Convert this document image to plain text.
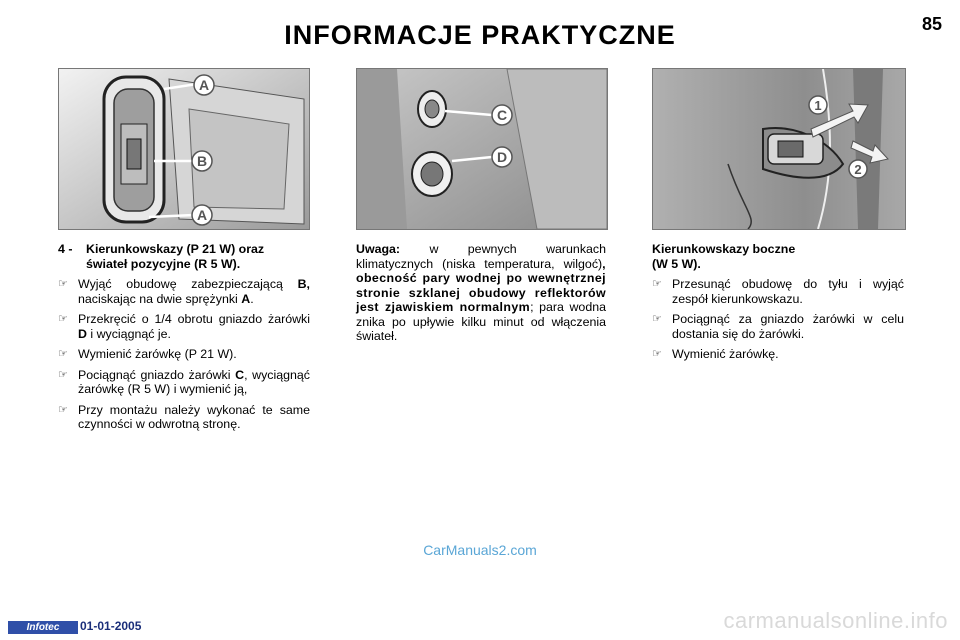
INFORMACJE PRAKTYCZNE	85
A
B
A
C
D
1
2
4 -	Kierunkowskazy (P 21 W) oraz
świateł pozycyjne (R 5 W).
☞ Wyjąć obudowę zabezpieczającą B, naciskając na dwie sprężynki A.
☞ Przekręcić o 1/4 obrotu gniazdo żarówki D i wyciągnąć je.
☞ Wymienić żarówkę (P 21 W).
☞ Pociągnąć gniazdo żarówki C, wyciągnąć żarówkę (R 5 W) i wymienić ją,
☞ Przy montażu należy wykonać te same czynności w odwrotną stronę.
Uwaga: w pewnych warunkach klimatycznych (niska temperatura, wilgoć), obecność pary wodnej po wewnętrznej stronie szklanej obudowy reflektorów jest zjawiskiem normalnym; para wodna znika po upływie kilku minut od włączenia świateł.
Kierunkowskazy boczne
(W 5 W).
☞ Przesunąć obudowę do tyłu i wyjąć zespół kierunkowskazu.
☞ Pociągnąć za gniazdo żarówki w celu dostania się do żarówki.
☞ Wymienić żarówkę.
CarManuals2.com
Infotec	01-01-2005	carmanualsonline.info
